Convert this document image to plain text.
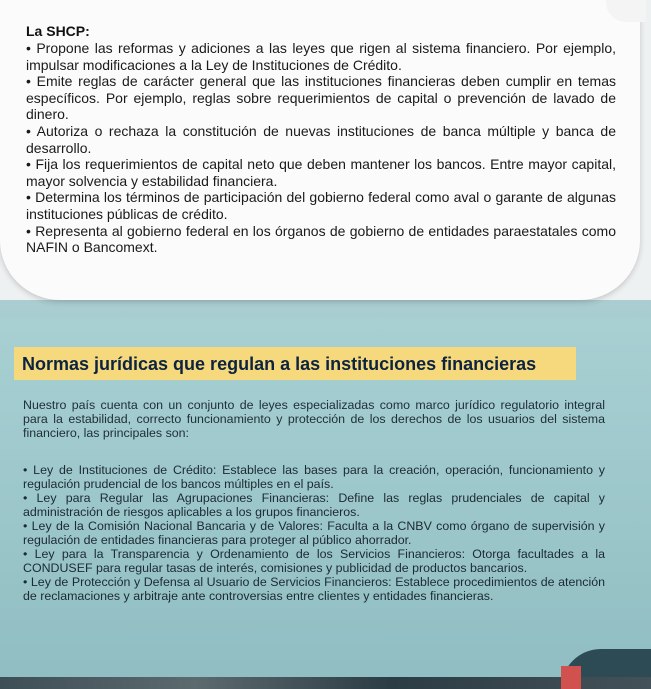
La SHCP:

• Propone las reformas y adiciones a las leyes que rigen al sistema financiero. Por ejemplo, impulsar modificaciones a la Ley de Instituciones de Crédito.

• Emite reglas de carácter general que las instituciones financieras deben cumplir en temas específicos. Por ejemplo, reglas sobre requerimientos de capital o prevención de lavado de dinero.

• Autoriza o rechaza la constitución de nuevas instituciones de banca múltiple y banca de desarrollo.

• Fija los requerimientos de capital neto que deben mantener los bancos. Entre mayor capital, mayor solvencia y estabilidad financiera.

• Determina los términos de participación del gobierno federal como aval o garante de algunas instituciones públicas de crédito.

• Representa al gobierno federal en los órganos de gobierno de entidades paraestatales como NAFIN o Bancomext.

Normas jurídicas que regulan a las instituciones financieras

Nuestro país cuenta con un conjunto de leyes especializadas como marco jurídico regulatorio integral para la estabilidad, correcto funcionamiento y protección de los derechos de los usuarios del sistema financiero, las principales son:

• Ley de Instituciones de Crédito: Establece las bases para la creación, operación, funcionamiento y regulación prudencial de los bancos múltiples en el país.

• Ley para Regular las Agrupaciones Financieras: Define las reglas prudenciales de capital y administración de riesgos aplicables a los grupos financieros.

• Ley de la Comisión Nacional Bancaria y de Valores: Faculta a la CNBV como órgano de supervisión y regulación de entidades financieras para proteger al público ahorrador.

• Ley para la Transparencia y Ordenamiento de los Servicios Financieros: Otorga facultades a la CONDUSEF para regular tasas de interés, comisiones y publicidad de productos bancarios.

• Ley de Protección y Defensa al Usuario de Servicios Financieros: Establece procedimientos de atención de reclamaciones y arbitraje ante controversias entre clientes y entidades financieras.
